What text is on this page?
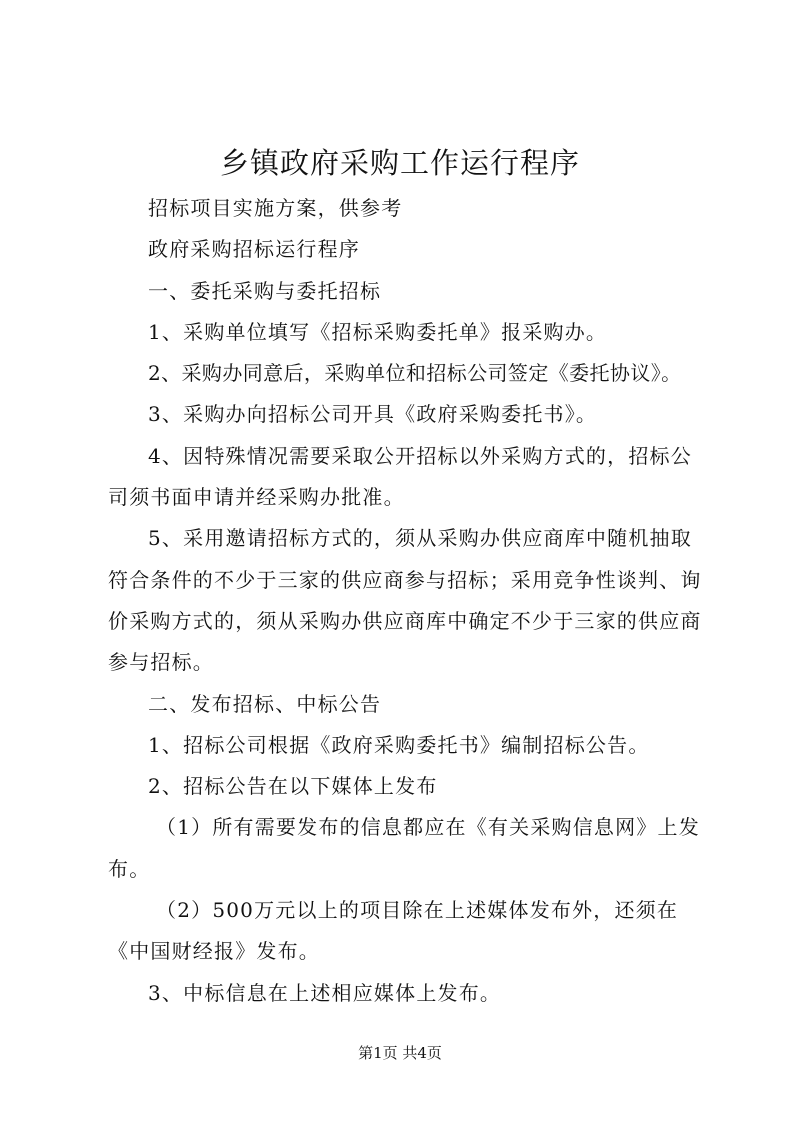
乡镇政府采购工作运行程序

招标项目实施方案，供参考

政府采购招标运行程序

一、委托采购与委托招标

1、采购单位填写《招标采购委托单》报采购办。

2、采购办同意后，采购单位和招标公司签定《委托协议》。

3、采购办向招标公司开具《政府采购委托书》。

4、因特殊情况需要采取公开招标以外采购方式的，招标公司须书面申请并经采购办批准。

5、采用邀请招标方式的，须从采购办供应商库中随机抽取符合条件的不少于三家的供应商参与招标；采用竞争性谈判、询价采购方式的，须从采购办供应商库中确定不少于三家的供应商参与招标。

二、发布招标、中标公告

1、招标公司根据《政府采购委托书》编制招标公告。

2、招标公告在以下媒体上发布

（1）所有需要发布的信息都应在《有关采购信息网》上发布。

（2）500万元以上的项目除在上述媒体发布外，还须在《中国财经报》发布。

3、中标信息在上述相应媒体上发布。

第1页 共4页
